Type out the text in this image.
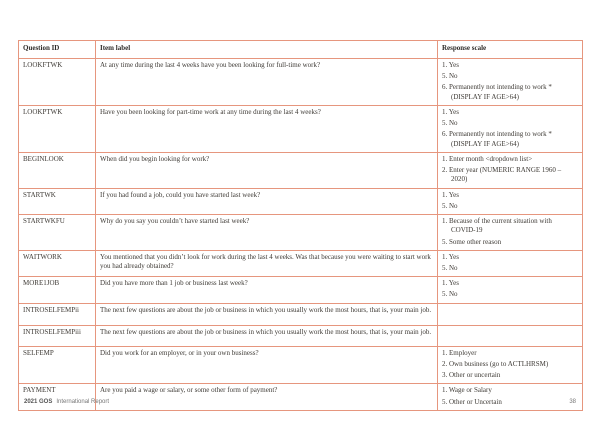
Question ID	Item label	Response scale
LOOKFTWK	At any time during the last 4 weeks have you been looking for full-time work?	1. Yes
5. No
6. Permanently not intending to work *(DISPLAY IF AGE>64)

LOOKPTWK	Have you been looking for part-time work at any time during the last 4 weeks?	1. Yes
5. No
6. Permanently not intending to work *(DISPLAY IF AGE>64)

BEGINLOOK	When did you begin looking for work?	1. Enter month <dropdown list>
2. Enter year (NUMERIC RANGE 1960 – 2020)

STARTWK	If you had found a job, could you have started last week?	1. Yes
5. No

STARTWKFU	Why do you say you couldn’t have started last week?	1. Because of the current situation with COVID-19
5. Some other reason

WAITWORK	You mentioned that you didn’t look for work during the last 4 weeks. Was that because you were waiting to start work you had already obtained?	1. Yes
5. No

MORE1JOB	Did you have more than 1 job or business last week?	1. Yes
5. No

INTROSELFEMPii	The next few questions are about the job or business in which you usually work the most hours, that is, your main job.	
INTROSELFEMPiii	The next few questions are about the job or business in which you usually work the most hours, that is, your main job.	
SELFEMP	Did you work for an employer, or in your own business?	1. Employer
2. Own business (go to ACTLHRSM)
3. Other or uncertain

PAYMENT	Are you paid a wage or salary, or some other form of payment?	1. Wage or Salary
5. Other or Uncertain
2021 GOS International Report	38
